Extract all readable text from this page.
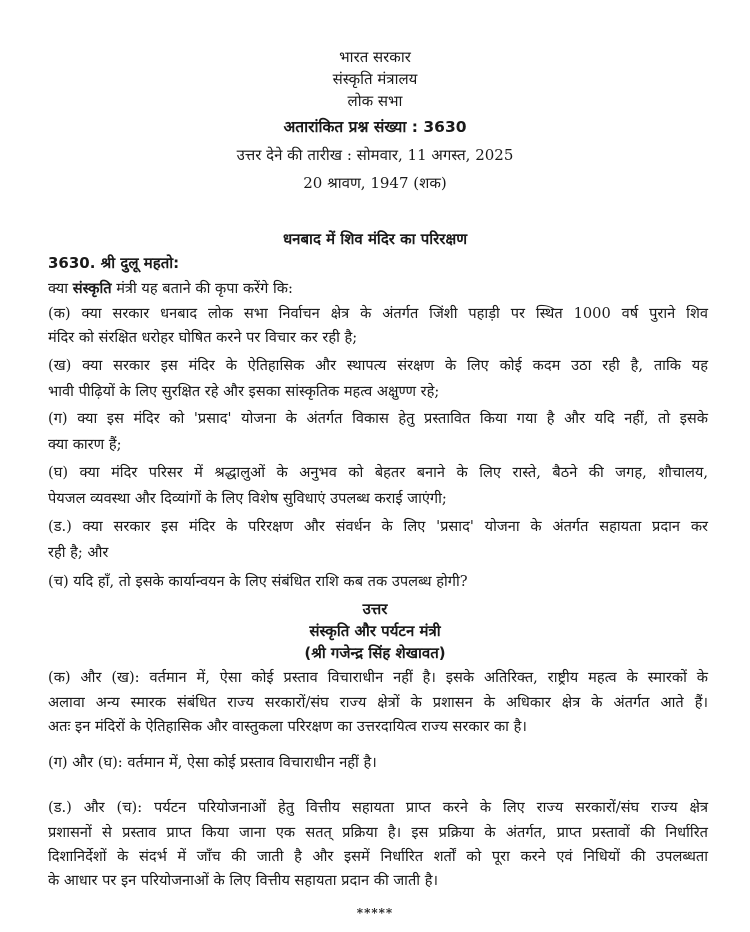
भारत सरकार
संस्कृति मंत्रालय
लोक सभा
अतारांकित प्रश्न संख्या : 3630
उत्तर देने की तारीख : सोमवार, 11 अगस्त, 2025
20 श्रावण, 1947 (शक)
धनबाद में शिव मंदिर का परिरक्षण
3630. श्री दुलू महतो:
क्या संस्कृति मंत्री यह बताने की कृपा करेंगे कि:
(क) क्या सरकार धनबाद लोक सभा निर्वाचन क्षेत्र के अंतर्गत जिंशी पहाड़ी पर स्थित 1000 वर्ष पुराने शिव
मंदिर को संरक्षित धरोहर घोषित करने पर विचार कर रही है;
(ख) क्या सरकार इस मंदिर के ऐतिहासिक और स्थापत्य संरक्षण के लिए कोई कदम उठा रही है, ताकि यह
भावी पीढ़ियों के लिए सुरक्षित रहे और इसका सांस्कृतिक महत्व अक्षुण्ण रहे;
(ग) क्या इस मंदिर को 'प्रसाद' योजना के अंतर्गत विकास हेतु प्रस्तावित किया गया है और यदि नहीं, तो इसके
क्या कारण हैं;
(घ) क्या मंदिर परिसर में श्रद्धालुओं के अनुभव को बेहतर बनाने के लिए रास्ते, बैठने की जगह, शौचालय,
पेयजल व्यवस्था और दिव्यांगों के लिए विशेष सुविधाएं उपलब्ध कराई जाएंगी;
(ड.) क्या सरकार इस मंदिर के परिरक्षण और संवर्धन के लिए 'प्रसाद' योजना के अंतर्गत सहायता प्रदान कर
रही है; और
(च) यदि हाँ, तो इसके कार्यान्वयन के लिए संबंधित राशि कब तक उपलब्ध होगी?
उत्तर
संस्कृति और पर्यटन मंत्री
(श्री गजेन्द्र सिंह शेखावत)
(क) और (ख): वर्तमान में, ऐसा कोई प्रस्ताव विचाराधीन नहीं है। इसके अतिरिक्त, राष्ट्रीय महत्व के स्मारकों के
अलावा अन्य स्मारक संबंधित राज्य सरकारों/संघ राज्य क्षेत्रों के प्रशासन के अधिकार क्षेत्र के अंतर्गत आते हैं।
अतः इन मंदिरों के ऐतिहासिक और वास्तुकला परिरक्षण का उत्तरदायित्व राज्य सरकार का है।
(ग) और (घ): वर्तमान में, ऐसा कोई प्रस्ताव विचाराधीन नहीं है।
(ड.) और (च): पर्यटन परियोजनाओं हेतु वित्तीय सहायता प्राप्त करने के लिए राज्य सरकारों/संघ राज्य क्षेत्र
प्रशासनों से प्रस्ताव प्राप्त किया जाना एक सतत् प्रक्रिया है। इस प्रक्रिया के अंतर्गत, प्राप्त प्रस्तावों की निर्धारित
दिशानिर्देशों के संदर्भ में जाँच की जाती है और इसमें निर्धारित शर्तों को पूरा करने एवं निधियों की उपलब्धता
के आधार पर इन परियोजनाओं के लिए वित्तीय सहायता प्रदान की जाती है।
*****
